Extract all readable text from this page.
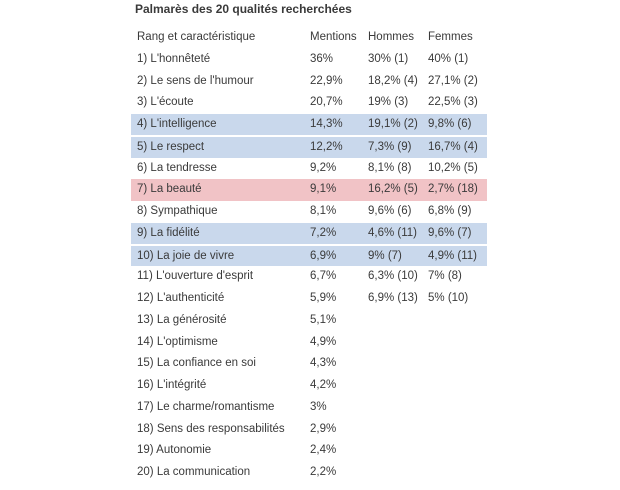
Palmarès des 20 qualités recherchées
Rang et caractéristique	Mentions Hommes Femmes
1) L'honnêteté	36%	30% (1) 40% (1)
2) Le sens de l'humour	22,9% 18,2% (4) 27,1% (2)
3) L'écoute	20,7% 19% (3) 22,5% (3)
4) L'intelligence	14,3% 19,1% (2) 9,8% (6)
5) Le respect	12,2% 7,3% (9) 16,7% (4)
6) La tendresse	9,2%	8,1% (8) 10,2% (5)
7) La beauté	9,1%	16,2% (5) 2,7% (18)
8) Sympathique	8,1%	9,6% (6) 6,8% (9)
9) La fidélité	7,2%	4,6% (11) 9,6% (7)
10) La joie de vivre	6,9%	9% (7) 4,9% (11)
11) L'ouverture d'esprit	6,7%	6,3% (10) 7% (8)
12) L'authenticité	5,9%	6,9% (13) 5% (10)
13) La générosité	5,1%
14) L'optimisme	4,9%
15) La confiance en soi	4,3%
16) L'intégrité	4,2%
17) Le charme/romantisme	3%
18) Sens des responsabilités 2,9%
19) Autonomie	2,4%
20) La communication	2,2%
